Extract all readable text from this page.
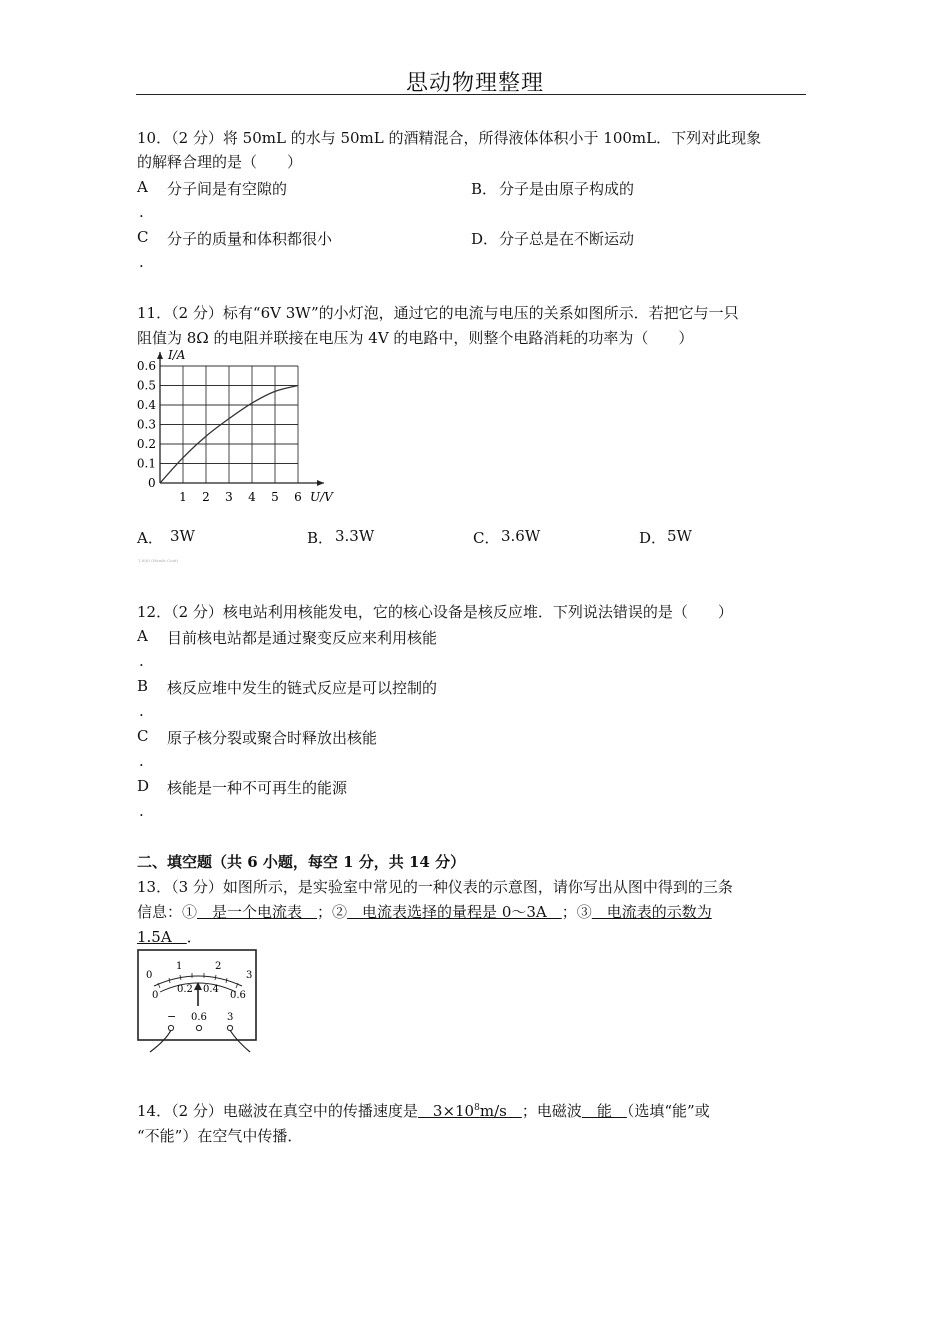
思动物理整理
10．（2 分）将 50mL 的水与 50mL 的酒精混合，所得液体体积小于 100mL．下列对此现象
的解释合理的是（　　）
A 分子间是有空隙的
.
B． 分子是由原子构成的
C 分子的质量和体积都很小
.
D． 分子总是在不断运动
11．（2 分）标有“6V 3W”的小灯泡，通过它的电流与电压的关系如图所示．若把它与一只
阻值为 8Ω 的电阻并联接在电压为 4V 的电路中，则整个电路消耗的功率为（　　）
1 2 3 4 5 6
0.1
0.2
0.3
0.4
0.5
0.6
I/A
U/V
0
A． 3W	B． 3.3W	C． 3.6W	D． 5W
1.8(6) (Heads Cont)
12．（2 分）核电站利用核能发电，它的核心设备是核反应堆．下列说法错误的是（　　）
A 目前核电站都是通过聚变反应来利用核能
.
B 核反应堆中发生的链式反应是可以控制的
.
C 原子核分裂或聚合时释放出核能
.
D 核能是一种不可再生的能源
.
二、填空题（共 6 小题，每空 1 分，共 14 分）
13．（3 分）如图所示，是实验室中常见的一种仪表的示意图，请你写出从图中得到的三条
信息：①　是一个电流表　；②　电流表选择的量程是 0～3A　；③　电流表的示数为
1.5A　．
0
1	2
3
0
0.2 0.4
0.6
− 0.6 3
14．（2 分）电磁波在真空中的传播速度是　$3\times 10^8m/s$　；电磁波　能　（选填“能”或
“不能”）在空气中传播．
